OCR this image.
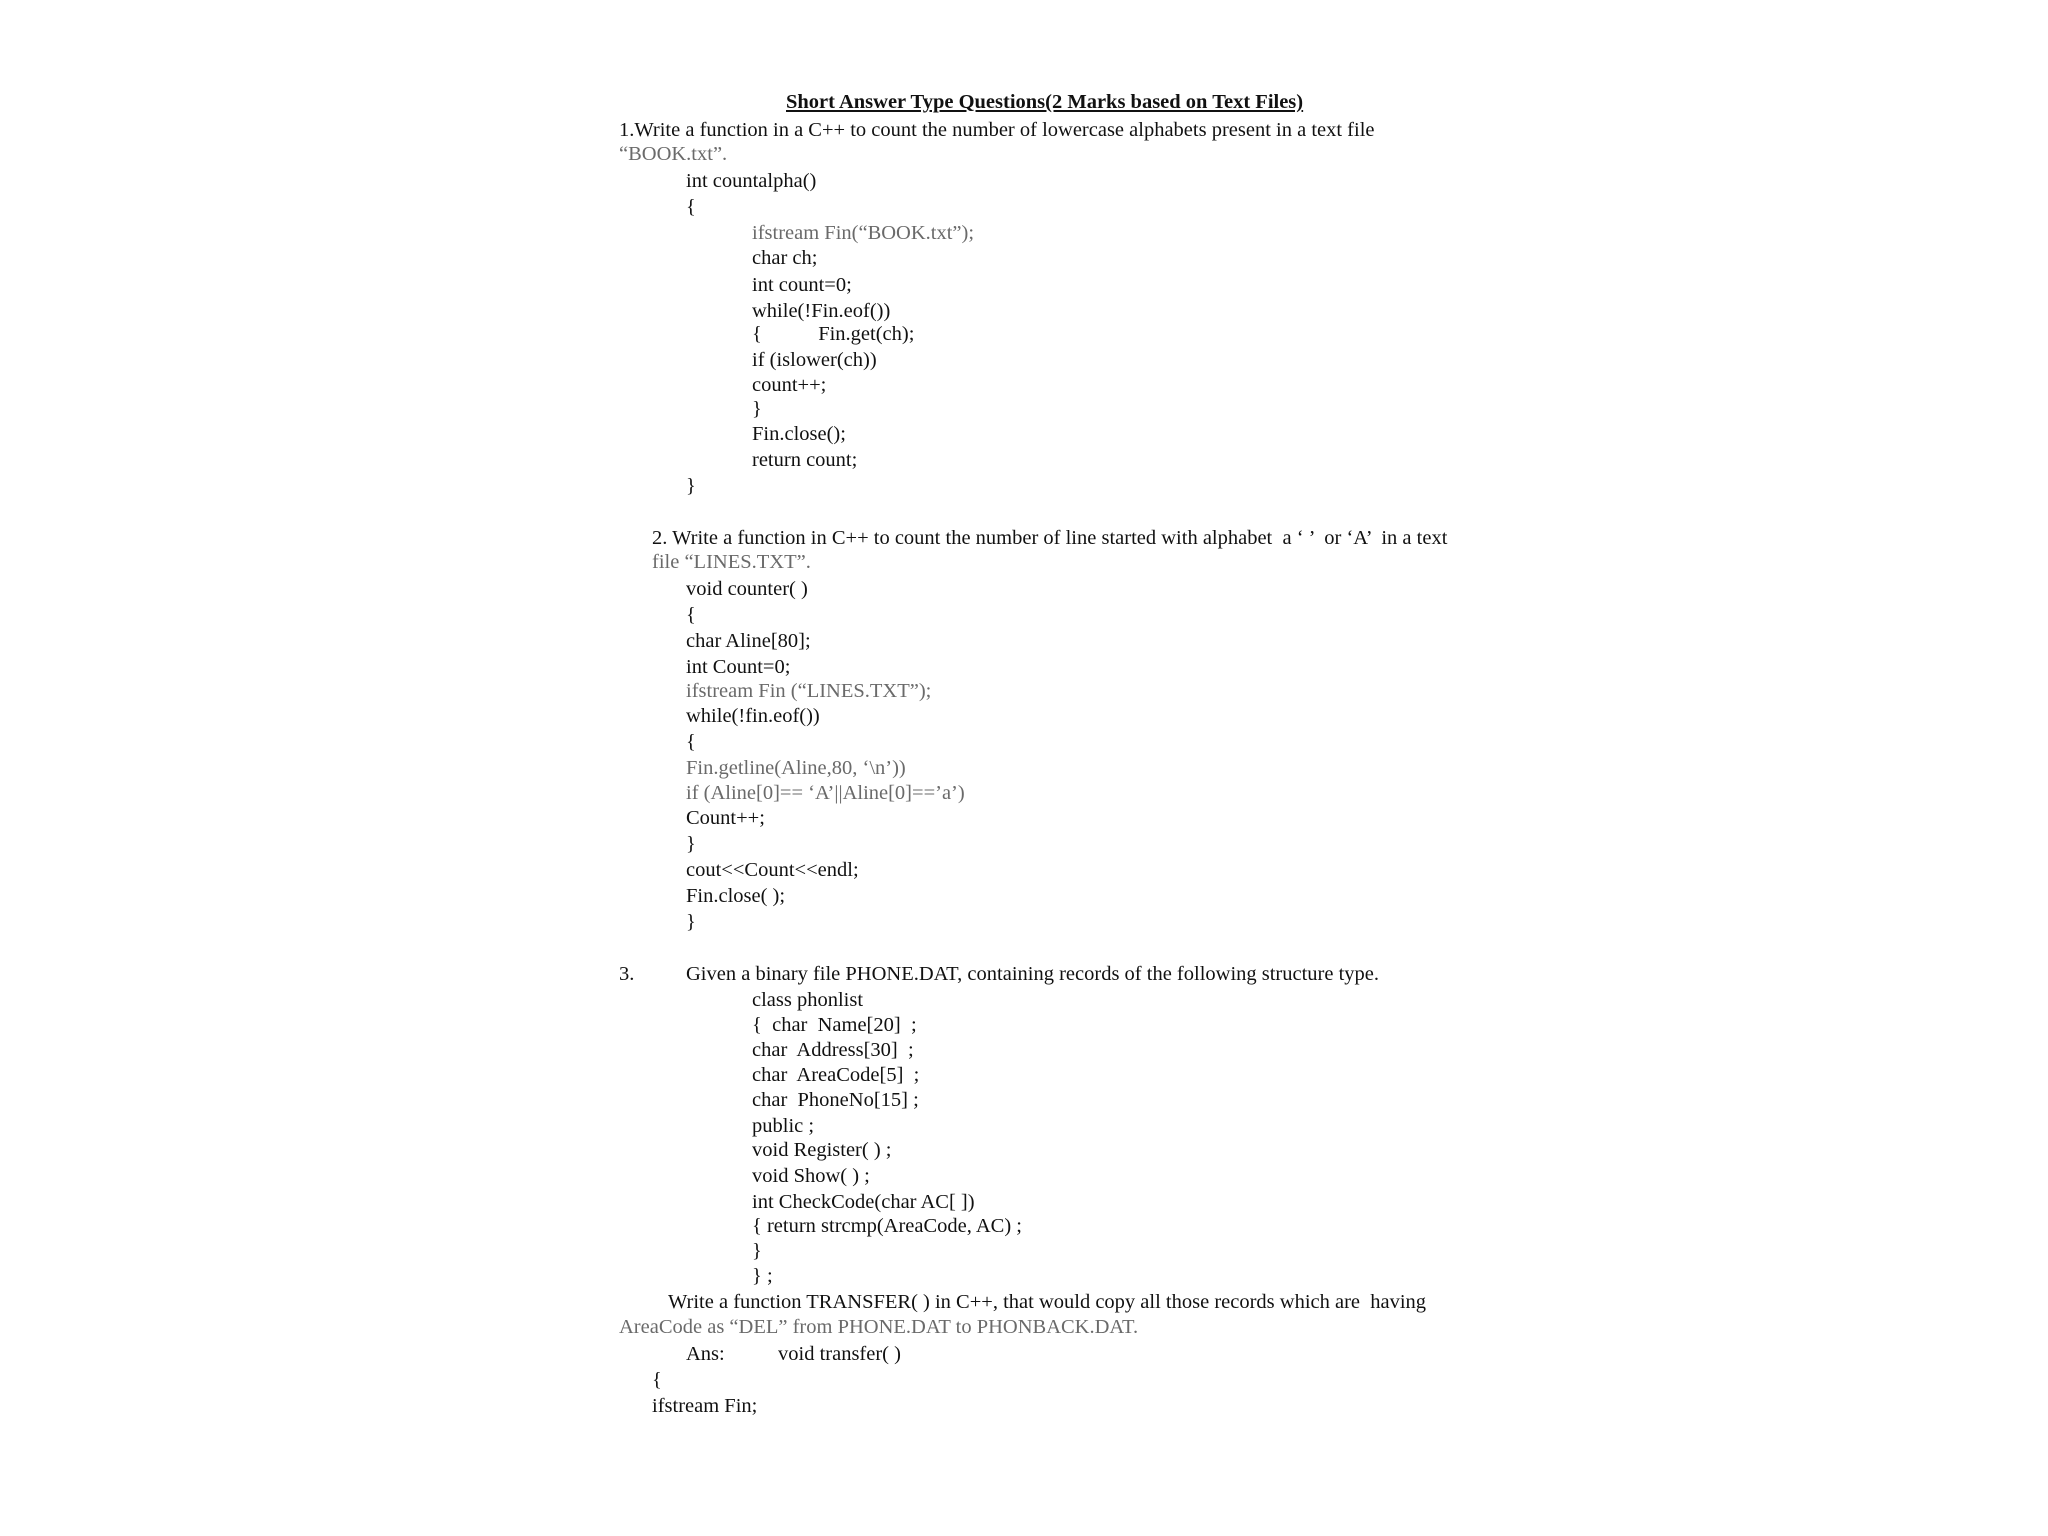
Short Answer Type Questions(2 Marks based on Text Files)
1.Write a function in a C++ to count the number of lowercase alphabets present in a text file
“BOOK.txt”.
int countalpha()
{
ifstream Fin(“BOOK.txt”);
char ch;
int count=0;
while(!Fin.eof())
{           Fin.get(ch);
if (islower(ch))
count++;
}
Fin.close();
return count;
}
2. Write a function in C++ to count the number of line started with alphabet  a ‘ ’  or ‘A’  in a text
file “LINES.TXT”.
void counter( )
{
char Aline[80];
int Count=0;
ifstream Fin (“LINES.TXT”);
while(!fin.eof())
{
Fin.getline(Aline,80, ‘\n’))
if (Aline[0]== ‘A’||Aline[0]==’a’)
Count++;
}
cout<<Count<<endl;
Fin.close( );
}
3.	Given a binary file PHONE.DAT, containing records of the following structure type.
class phonlist
{  char  Name[20]  ;
char  Address[30]  ;
char  AreaCode[5]  ;
char  PhoneNo[15] ;
public ;
void Register( ) ;
void Show( ) ;
int CheckCode(char AC[ ])
{ return strcmp(AreaCode, AC) ;
}
} ;
Write a function TRANSFER( ) in C++, that would copy all those records which are  having
AreaCode as “DEL” from PHONE.DAT to PHONBACK.DAT.
Ans:	void transfer( )
{
ifstream Fin;
